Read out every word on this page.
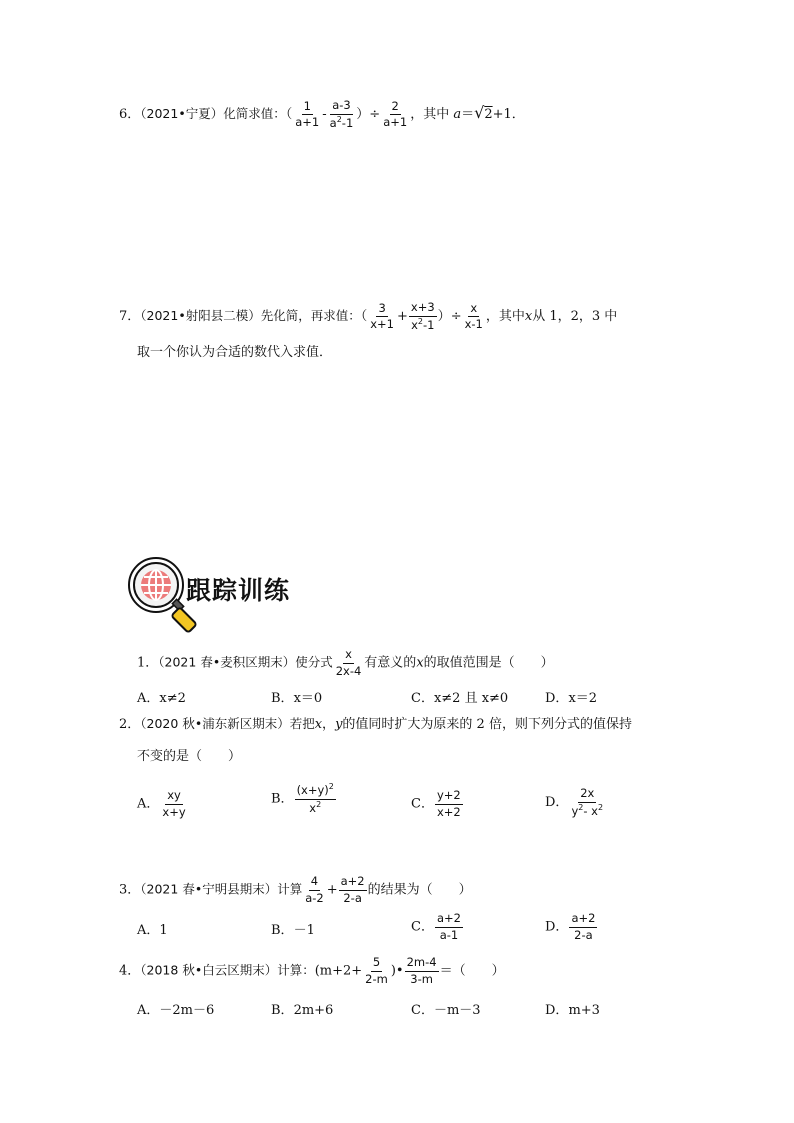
6．（2021•宁夏）化简求值：（ $\frac{1}{a+1} - \frac{a-3}{a^2-1}$ ）÷ $\frac{2}{a+1}$ ，其中 a＝√2+1．
7．（2021•射阳县二模）先化简，再求值：（ $\frac{3}{x+1} + \frac{x+3}{x^2-1}$ ）÷ $\frac{x}{x-1}$ ，其中x从 1，2，3 中
取一个你认为合适的数代入求值．
跟踪训练
1．（2021 春•麦积区期末）使分式 $\frac{x}{2x-4}$ 有意义的x的取值范围是（　　）
A．x≠2	B．x＝0	C．x≠2 且 x≠0	D．x＝2
2．（2020 秋•浦东新区期末）若把x，y的值同时扩大为原来的 2 倍，则下列分式的值保持
不变的是（　　）
A． $\frac{xy}{x+y}$	B． $\frac{(x+y)^2}{x^2}$	C． $\frac{y+2}{x+2}$	D． $\frac{2x}{y^2- x^2}$
3．（2021 春•宁明县期末）计算 $\frac{4}{a-2} + \frac{a+2}{2-a}$ 的结果为（　　）
A．1	B．－1	C． $\frac{a+2}{a-1}$	D． $\frac{a+2}{2-a}$
4．（2018 秋•白云区期末）计算：($m+2+ \frac{5}{2-m}$ )• $\frac{2m-4}{3-m}$ ＝（　　）
A．－2m－6	B．2m+6	C．－m－3	D．m+3
